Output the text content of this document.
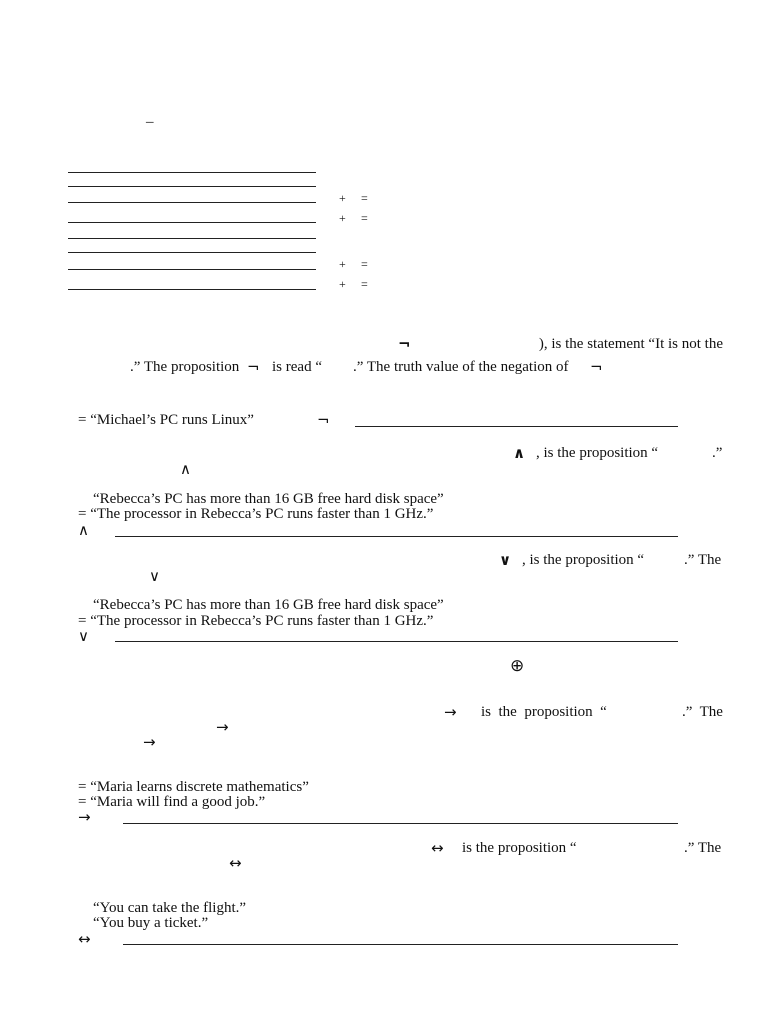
–
+ =
+ =
+ =
+ =
¬	), is the statement “It is not the
.” The proposition ¬ is read “ .” The truth value of the negation of ¬
= “Michael’s PC runs Linux”	¬
∧ , is the proposition “	.”
∧
“Rebecca’s PC has more than 16 GB free hard disk space”
= “The processor in Rebecca’s PC runs faster than 1 GHz.”
∧
∨ , is the proposition “	.” The
∨
“Rebecca’s PC has more than 16 GB free hard disk space”
= “The processor in Rebecca’s PC runs faster than 1 GHz.”
∨
⊕
→ is  the  proposition  “	.”  The
→
→
= “Maria learns discrete mathematics”
= “Maria will find a good job.”
→
↔ is the proposition “	.” The
↔
“You can take the flight.”
“You buy a ticket.”
↔
